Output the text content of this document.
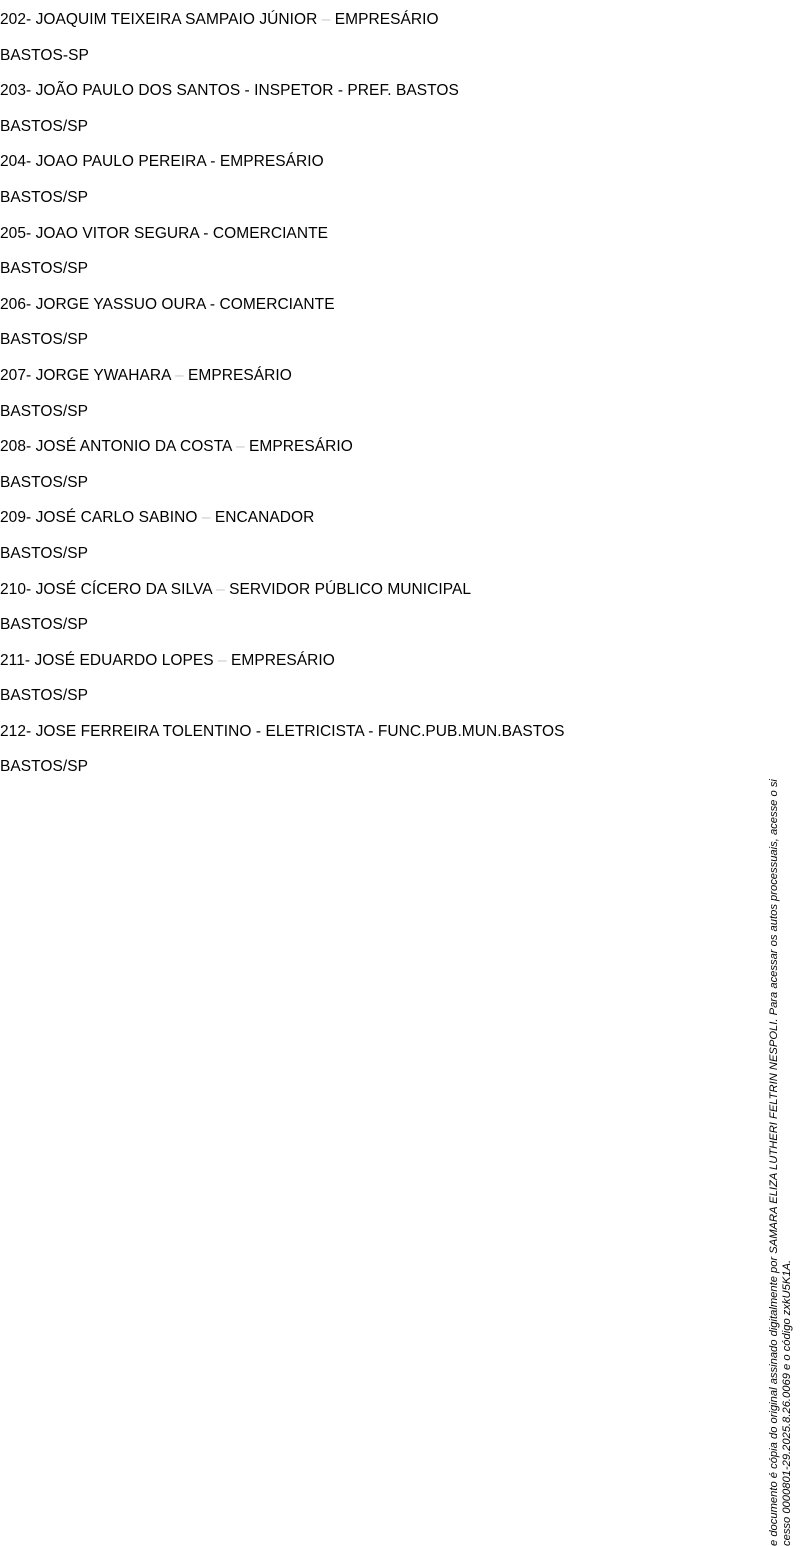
202- JOAQUIM TEIXEIRA SAMPAIO JÚNIOR – EMPRESÁRIO
BASTOS-SP
203- JOÃO PAULO DOS SANTOS - INSPETOR - PREF. BASTOS
BASTOS/SP
204- JOAO PAULO PEREIRA - EMPRESÁRIO
BASTOS/SP
205- JOAO VITOR SEGURA - COMERCIANTE
BASTOS/SP
206- JORGE YASSUO OURA - COMERCIANTE
BASTOS/SP
207- JORGE YWAHARA – EMPRESÁRIO
BASTOS/SP
208- JOSÉ ANTONIO DA COSTA – EMPRESÁRIO
BASTOS/SP
209- JOSÉ CARLO SABINO – ENCANADOR
BASTOS/SP
210- JOSÉ CÍCERO DA SILVA – SERVIDOR PÚBLICO MUNICIPAL
BASTOS/SP
211- JOSÉ EDUARDO LOPES – EMPRESÁRIO
BASTOS/SP
212- JOSE FERREIRA TOLENTINO - ELETRICISTA - FUNC.PUB.MUN.BASTOS
BASTOS/SP
e documento é cópia do original assinado digitalmente por SAMARA ELIZA LUTHERI FELTRIN NESPOLI. Para acessar os autos processuais, acesse o si cesso 0000801-29.2025.8.26.0069 e o código zxkU5K1A.
